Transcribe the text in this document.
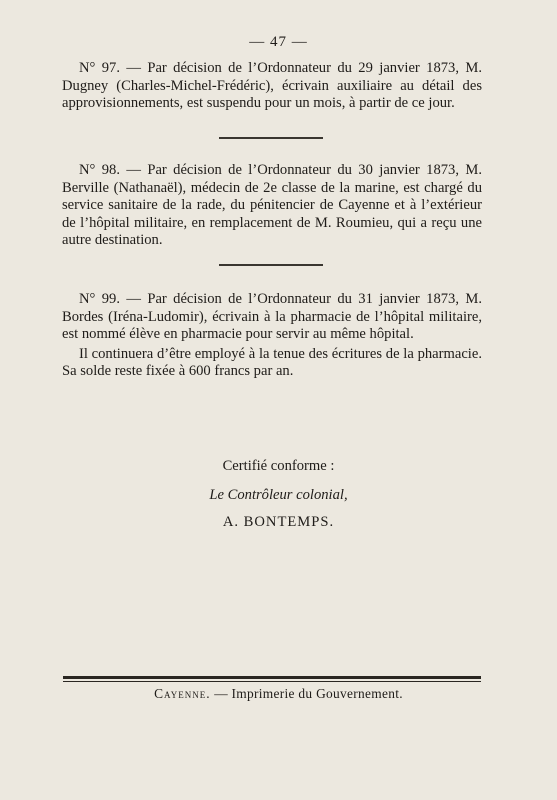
— 47 —

N° 97. — Par décision de l’Ordonnateur du 29 janvier 1873, M. Dugney (Charles-Michel-Frédéric), écrivain auxiliaire au détail des approvisionnements, est suspendu pour un mois, à partir de ce jour.

N° 98. — Par décision de l’Ordonnateur du 30 janvier 1873, M. Berville (Nathanaël), médecin de 2e classe de la marine, est chargé du service sanitaire de la rade, du pénitencier de Cayenne et à l’extérieur de l’hôpital militaire, en remplacement de M. Roumieu, qui a reçu une autre destination.

N° 99. — Par décision de l’Ordonnateur du 31 janvier 1873, M. Bordes (Iréna-Ludomir), écrivain à la pharmacie de l’hôpital militaire, est nommé élève en pharmacie pour servir au même hôpital.

Il continuera d’être employé à la tenue des écritures de la pharmacie. Sa solde reste fixée à 600 francs par an.

Certifié conforme :
Le Contrôleur colonial,
A. BONTEMPS.
Cayenne. — Imprimerie du Gouvernement.
